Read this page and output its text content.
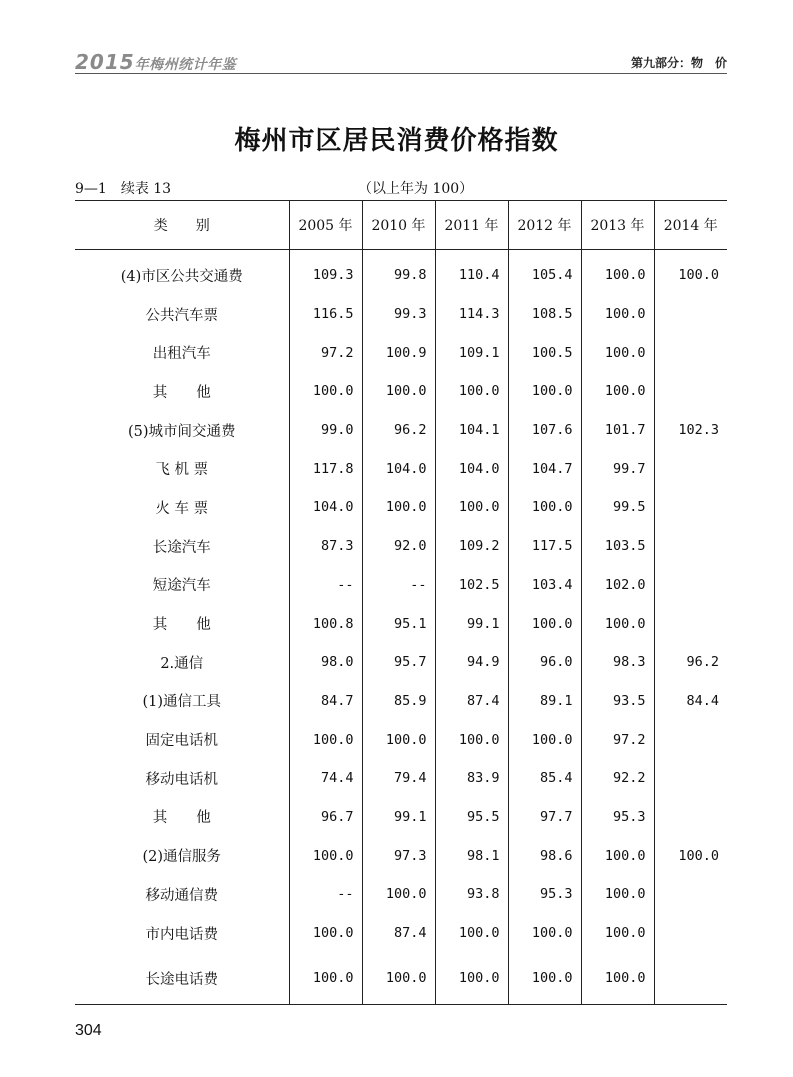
2015年梅州统计年鉴	第九部分：物　价
梅州市区居民消费价格指数
9—1　续表 13	（以上年为 100）
类　　别	2005 年	2010 年	2011 年	2012 年	2013 年	2014 年
(4)市区公共交通费	109.3	99.8	110.4	105.4	100.0	100.0
公共汽车票	116.5	99.3	114.3	108.5	100.0	
出租汽车	97.2	100.9	109.1	100.5	100.0	
其　　他	100.0	100.0	100.0	100.0	100.0	
(5)城市间交通费	99.0	96.2	104.1	107.6	101.7	102.3
飞 机 票	117.8	104.0	104.0	104.7	99.7	
火 车 票	104.0	100.0	100.0	100.0	99.5	
长途汽车	87.3	92.0	109.2	117.5	103.5	
短途汽车	--	--	102.5	103.4	102.0	
其　　他	100.8	95.1	99.1	100.0	100.0	
2.通信	98.0	95.7	94.9	96.0	98.3	96.2
(1)通信工具	84.7	85.9	87.4	89.1	93.5	84.4
固定电话机	100.0	100.0	100.0	100.0	97.2	
移动电话机	74.4	79.4	83.9	85.4	92.2	
其　　他	96.7	99.1	95.5	97.7	95.3	
(2)通信服务	100.0	97.3	98.1	98.6	100.0	100.0
移动通信费	--	100.0	93.8	95.3	100.0	
市内电话费	100.0	87.4	100.0	100.0	100.0	
长途电话费	100.0	100.0	100.0	100.0	100.0	
304
